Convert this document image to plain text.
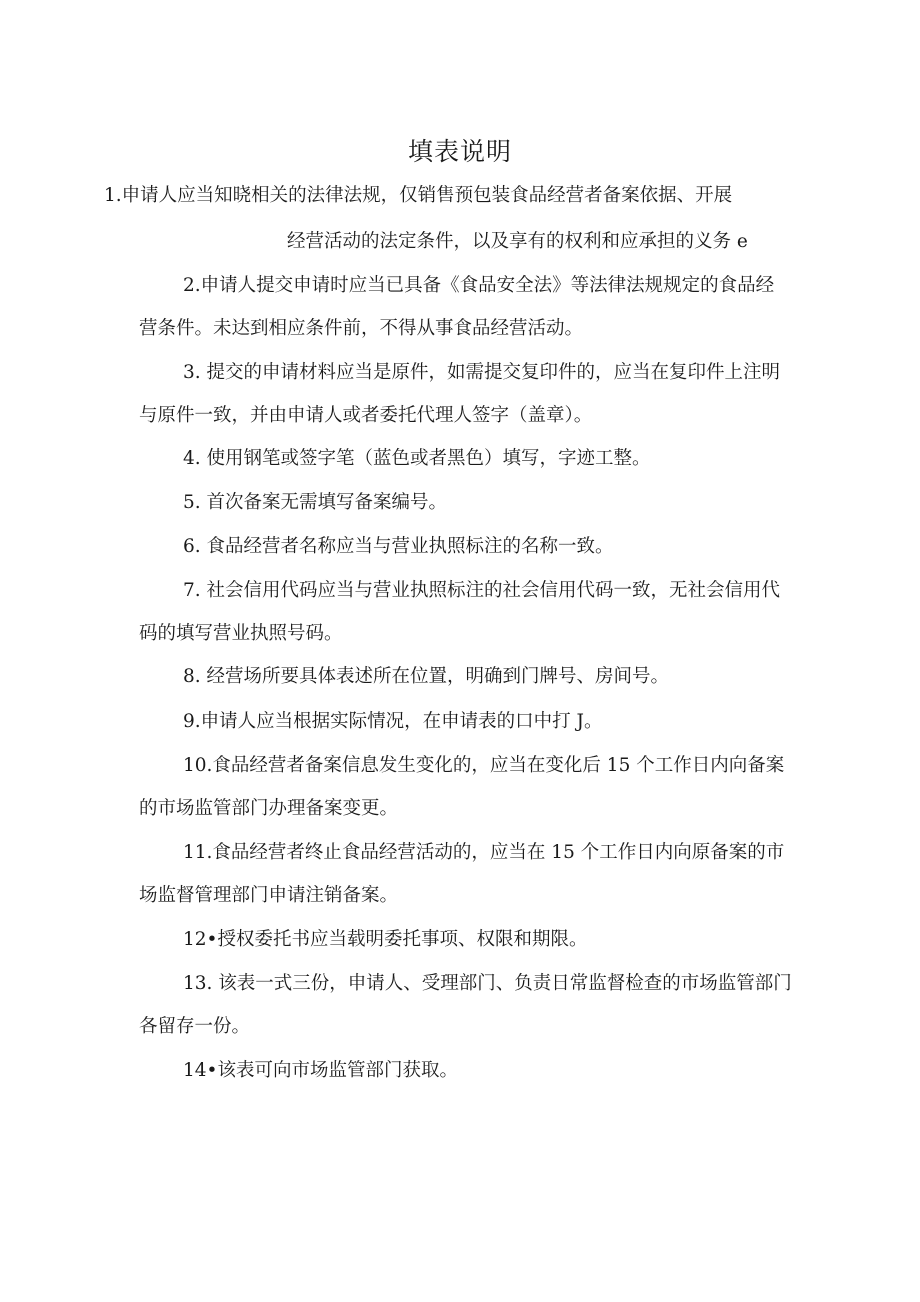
填表说明

1.申请人应当知晓相关的法律法规，仅销售预包装食品经营者备案依据、开展

经营活动的法定条件，以及享有的权利和应承担的义务 e

2.申请人提交申请时应当已具备《食品安全法》等法律法规规定的食品经

营条件。未达到相应条件前，不得从事食品经营活动。

3. 提交的申请材料应当是原件，如需提交复印件的，应当在复印件上注明

与原件一致，并由申请人或者委托代理人签字（盖章）。

4. 使用钢笔或签字笔（蓝色或者黑色）填写，字迹工整。

5. 首次备案无需填写备案编号。

6. 食品经营者名称应当与营业执照标注的名称一致。

7. 社会信用代码应当与营业执照标注的社会信用代码一致，无社会信用代

码的填写营业执照号码。

8. 经营场所要具体表述所在位置，明确到门牌号、房间号。

9.申请人应当根据实际情况，在申请表的口中打 J。

10.食品经营者备案信息发生变化的，应当在变化后 15 个工作日内向备案

的市场监管部门办理备案变更。

11.食品经营者终止食品经营活动的，应当在 15 个工作日内向原备案的市

场监督管理部门申请注销备案。

12•授权委托书应当载明委托事项、权限和期限。

13. 该表一式三份，申请人、受理部门、负责日常监督检查的市场监管部门

各留存一份。

14•该表可向市场监管部门获取。
